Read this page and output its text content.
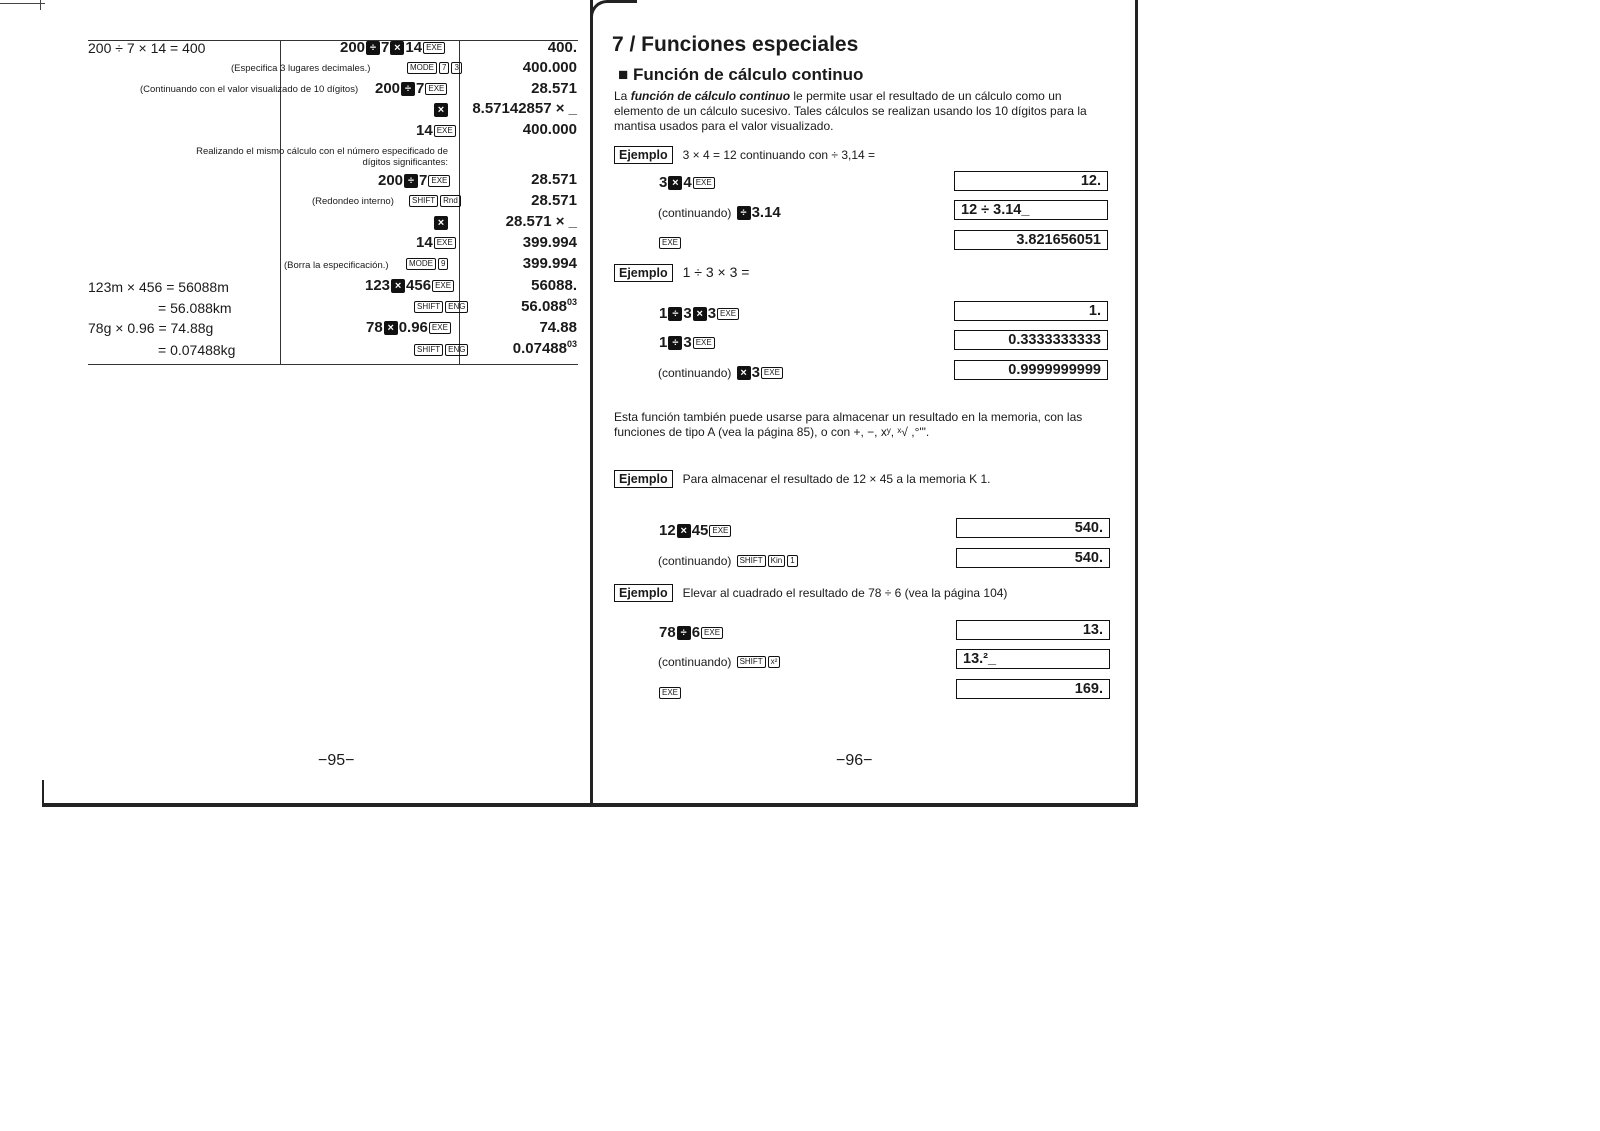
200 ÷ 7 × 14 = 400	200 ÷ 7 × 14 EXE	400.
(Especifica 3 lugares decimales.)	MODE 7 3	400.000
(Continuando con el valor visualizado de 10 dígitos) 200 ÷ 7 EXE	28.571
×	8.57142857 × _
14 EXE	400.000
Realizando el mismo cálculo con el número especificado de dígitos significantes:
200 ÷ 7 EXE	28.571
(Redondeo interno)	SHIFT Rnd	28.571
×	28.571 × _
14 EXE	399.994
(Borra la especificación.)	MODE 9	399.994
123m × 456 = 56088m	123 × 456 EXE	56088.
= 56.088km	SHIFT ENG	56.088$^{03}$
78g × 0.96 = 74.88g	78 × 0.96 EXE	74.88
= 0.07488kg	SHIFT ENG	$0.07488^{03}$
−95−
7 / Funciones especiales
■ Función de cálculo continuo
La función de cálculo continuo le permite usar el resultado de un cálculo como un elemento de un cálculo sucesivo. Tales cálculos se realizan usando los 10 dígitos para la mantisa usados para el valor visualizado.
Ejemplo 3 × 4 = 12 continuando con ÷ 3,14 =
3 × 4 EXE	12.
(continuando) ÷ 3.14	12 ÷ 3.14_
EXE	3.821656051
Ejemplo 1 ÷ 3 × 3 =
1 ÷ 3 × 3 EXE	1.
1 ÷ 3 EXE	0.3333333333
(continuando) × 3 EXE	0.9999999999
Esta función también puede usarse para almacenar un resultado en la memoria, con las funciones de tipo A (vea la página 85), o con +, −, xʸ, ˣ√ ,°'".
Ejemplo Para almacenar el resultado de 12 × 45 a la memoria K 1.
12 × 45 EXE	540.
(continuando) SHIFT Kin 1	540.
Ejemplo Elevar al cuadrado el resultado de 78 ÷ 6 (vea la página 104)
78 ÷ 6 EXE	13.
(continuando) SHIFT x²	13.²_
EXE	169.
−96−
